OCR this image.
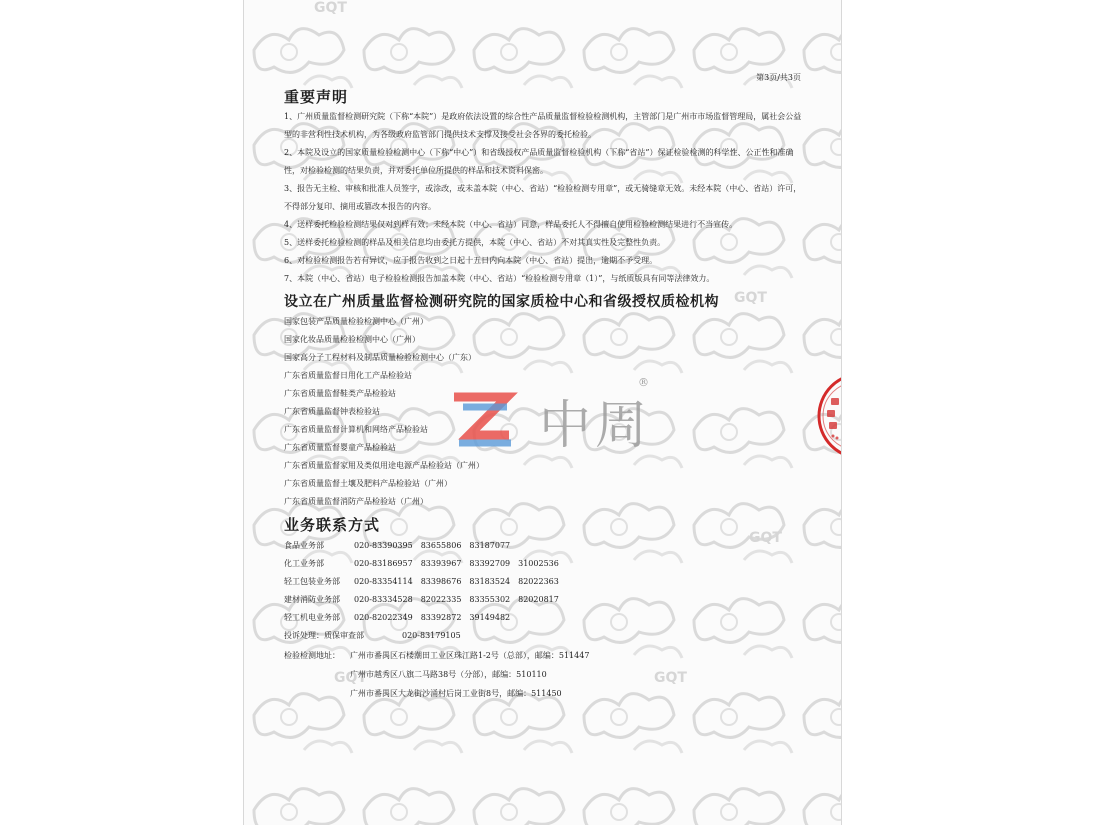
GQT
GQT
GQT
GQT	GQT
第3页/共3页
重要声明
1、广州质量监督检测研究院（下称“本院”）是政府依法设置的综合性产品质量监督检验检测机构，主管部门是广州市市场监督管理局，属社会公益型的非营利性技术机构，为各级政府监管部门提供技术支撑及接受社会各界的委托检验。
2、本院及设立的国家质量检验检测中心（下称“中心”）和省级授权产品质量监督检验机构（下称“省站”）保证检验检测的科学性、公正性和准确性，对检验检测的结果负责，并对委托单位所提供的样品和技术资料保密。
3、报告无主检、审核和批准人员签字，或涂改，或未盖本院（中心、省站）“检验检测专用章”，或无骑缝章无效。未经本院（中心、省站）许可，不得部分复印、摘用或篡改本报告的内容。
4、送样委托检验检测结果仅对到样有效；未经本院（中心、省站）同意，样品委托人不得擅自使用检验检测结果进行不当宣传。
5、送样委托检验检测的样品及相关信息均由委托方提供，本院（中心、省站）不对其真实性及完整性负责。
6、对检验检测报告若有异议，应于报告收到之日起十五日内向本院（中心、省站）提出，逾期不予受理。
7、本院（中心、省站）电子检验检测报告加盖本院（中心、省站）“检验检测专用章（1）”，与纸质版具有同等法律效力。
设立在广州质量监督检测研究院的国家质检中心和省级授权质检机构
国家包装产品质量检验检测中心（广州）
国家化妆品质量检验检测中心（广州）
国家高分子工程材料及制品质量检验检测中心（广东）
广东省质量监督日用化工产品检验站
广东省质量监督鞋类产品检验站
广东省质量监督钟表检验站
广东省质量监督计算机和网络产品检验站
广东省质量监督婴童产品检验站
广东省质量监督家用及类似用途电源产品检验站（广州）
广东省质量监督土壤及肥料产品检验站（广州）
广东省质量监督消防产品检验站（广州）
业务联系方式
食品业务部	020-83390395　83655806　83187077
化工业务部	020-83186957　83393967　83392709　31002536
轻工包装业务部 020-83354114　83398676　83183524　82022363
建材消防业务部 020-83334528　82022335　83355302　82020817
轻工机电业务部 020-82022349　83392872　39149482
投诉处理：质保审查部	020-83179105
检验检测地址： 广州市番禺区石楼潮田工业区珠江路1-2号（总部），邮编：511447
广州市越秀区八旗二马路38号（分部），邮编：510110
广州市番禺区大龙街沙涌村后岗工业街8号，邮编：511450
中周
®
